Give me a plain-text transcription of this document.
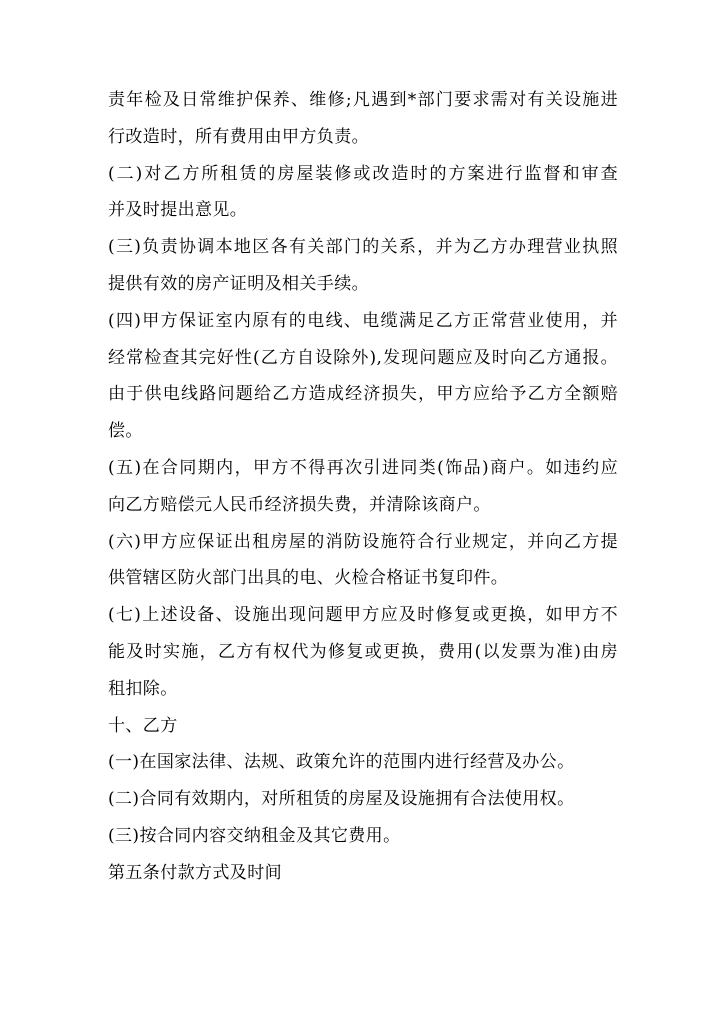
责年检及日常维护保养、维修;凡遇到*部门要求需对有关设施进
行改造时，所有费用由甲方负责。
(二)对乙方所租赁的房屋装修或改造时的方案进行监督和审查
并及时提出意见。
(三)负责协调本地区各有关部门的关系，并为乙方办理营业执照
提供有效的房产证明及相关手续。
(四)甲方保证室内原有的电线、电缆满足乙方正常营业使用，并
经常检查其完好性(乙方自设除外),发现问题应及时向乙方通报。
由于供电线路问题给乙方造成经济损失，甲方应给予乙方全额赔
偿。
(五)在合同期内，甲方不得再次引进同类(饰品)商户。如违约应
向乙方赔偿元人民币经济损失费，并清除该商户。
(六)甲方应保证出租房屋的消防设施符合行业规定，并向乙方提
供管辖区防火部门出具的电、火检合格证书复印件。
(七)上述设备、设施出现问题甲方应及时修复或更换，如甲方不
能及时实施，乙方有权代为修复或更换，费用(以发票为准)由房
租扣除。
十、乙方
(一)在国家法律、法规、政策允许的范围内进行经营及办公。
(二)合同有效期内，对所租赁的房屋及设施拥有合法使用权。
(三)按合同内容交纳租金及其它费用。
第五条付款方式及时间
